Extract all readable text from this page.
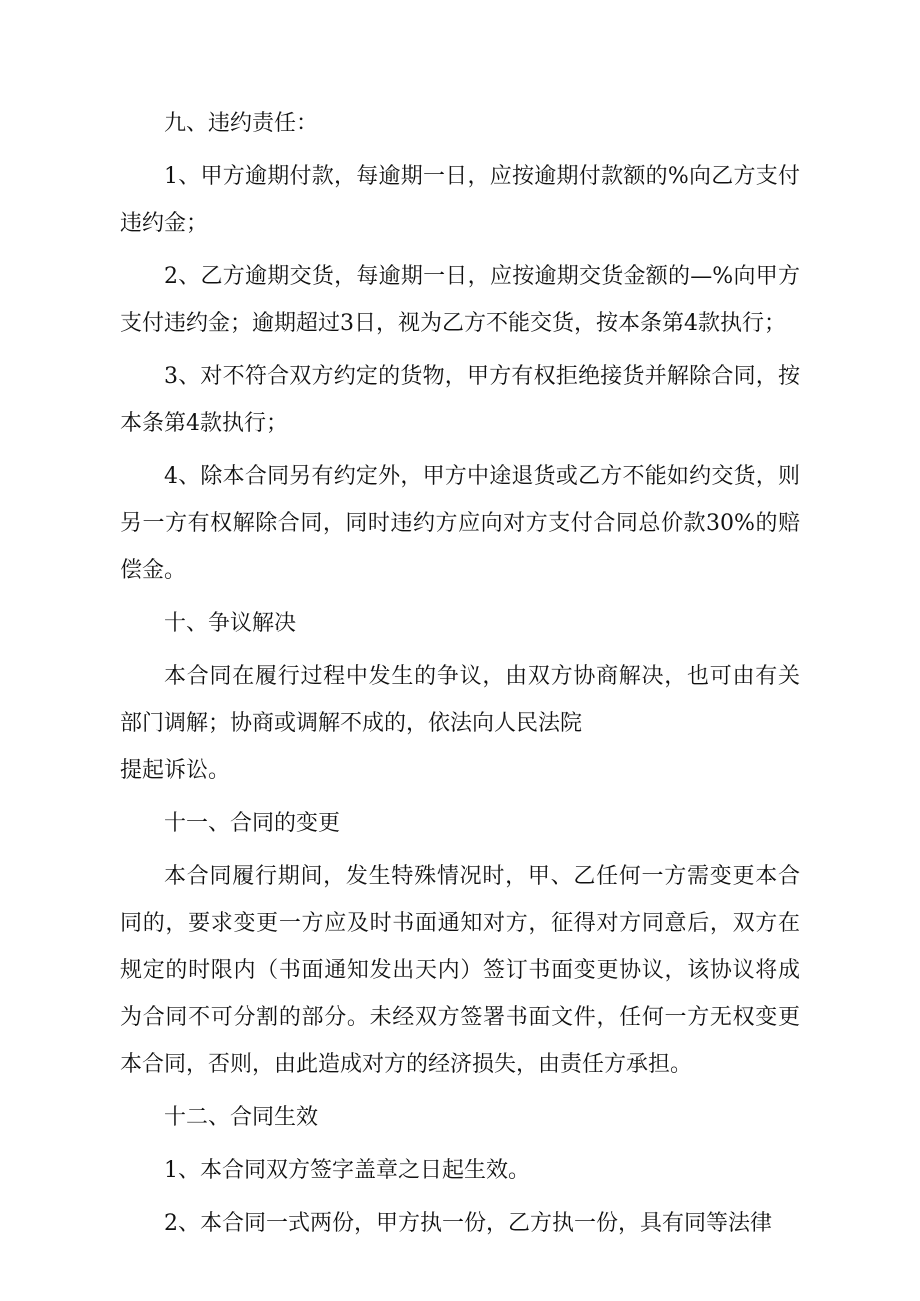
九、违约责任：

1、甲方逾期付款，每逾期一日，应按逾期付款额的%向乙方支付违约金；

2、乙方逾期交货，每逾期一日，应按逾期交货金额的—%向甲方支付违约金；逾期超过3日，视为乙方不能交货，按本条第4款执行；

3、对不符合双方约定的货物，甲方有权拒绝接货并解除合同，按本条第4款执行；

4、除本合同另有约定外，甲方中途退货或乙方不能如约交货，则另一方有权解除合同，同时违约方应向对方支付合同总价款30%的赔偿金。

十、争议解决

本合同在履行过程中发生的争议，由双方协商解决，也可由有关部门调解；协商或调解不成的，依法向人民法院

提起诉讼。

十一、合同的变更

本合同履行期间，发生特殊情况时，甲、乙任何一方需变更本合同的，要求变更一方应及时书面通知对方，征得对方同意后，双方在规定的时限内（书面通知发出天内）签订书面变更协议，该协议将成为合同不可分割的部分。未经双方签署书面文件，任何一方无权变更本合同，否则，由此造成对方的经济损失，由责任方承担。

十二、合同生效

1、本合同双方签字盖章之日起生效。

2、本合同一式两份，甲方执一份，乙方执一份，具有同等法律
